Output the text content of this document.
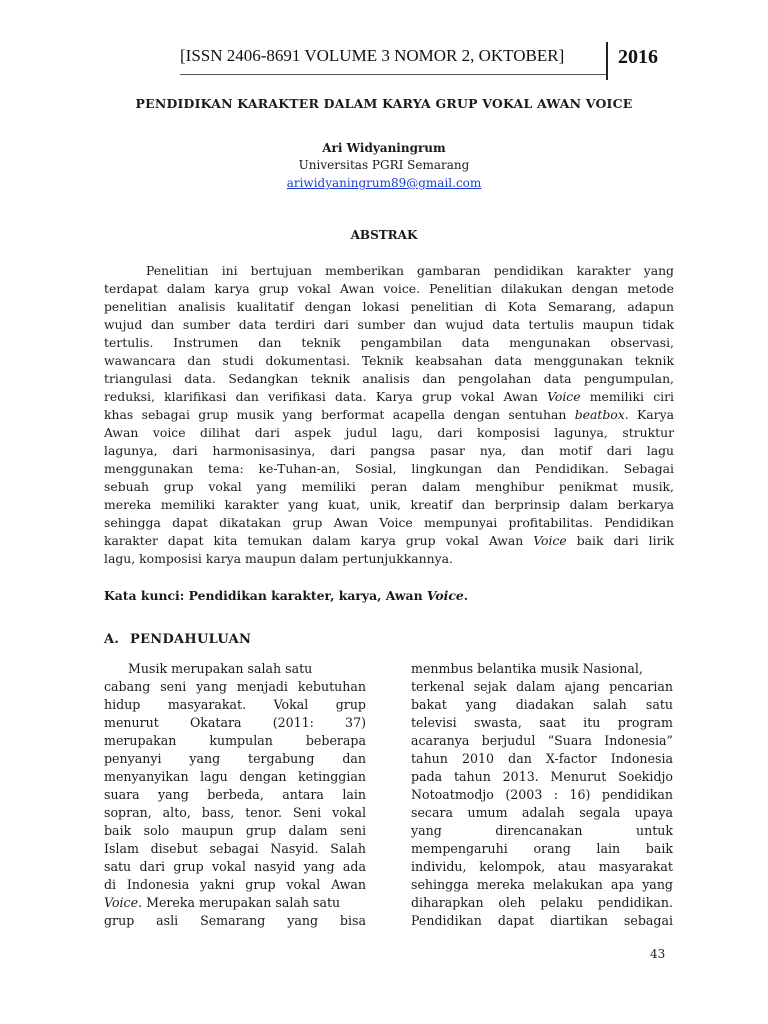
[ISSN 2406-8691 VOLUME 3 NOMOR 2, OKTOBER]	2016
PENDIDIKAN KARAKTER DALAM KARYA GRUP VOKAL AWAN VOICE
Ari Widyaningrum
Universitas PGRI Semarang
ariwidyaningrum89@gmail.com
ABSTRAK
Penelitian ini bertujuan memberikan gambaran pendidikan karakter yang
terdapat dalam karya grup vokal Awan voice. Penelitian dilakukan dengan metode
penelitian analisis kualitatif dengan lokasi penelitian di Kota Semarang, adapun
wujud dan sumber data terdiri dari sumber dan wujud data tertulis maupun tidak
tertulis. Instrumen dan teknik pengambilan data mengunakan observasi,
wawancara dan studi dokumentasi. Teknik keabsahan data menggunakan teknik
triangulasi data. Sedangkan teknik analisis dan pengolahan data pengumpulan,
reduksi, klarifikasi dan verifikasi data. Karya grup vokal Awan Voice memiliki ciri
khas sebagai grup musik yang berformat acapella dengan sentuhan beatbox. Karya
Awan voice dilihat dari aspek judul lagu, dari komposisi lagunya, struktur
lagunya, dari harmonisasinya, dari pangsa pasar nya, dan motif dari lagu
menggunakan tema: ke-Tuhan-an, Sosial, lingkungan dan Pendidikan. Sebagai
sebuah grup vokal yang memiliki peran dalam menghibur penikmat musik,
mereka memiliki karakter yang kuat, unik, kreatif dan berprinsip dalam berkarya
sehingga dapat dikatakan grup Awan Voice mempunyai profitabilitas. Pendidikan
karakter dapat kita temukan dalam karya grup vokal Awan Voice baik dari lirik
lagu, komposisi karya maupun dalam pertunjukkannya.
Kata kunci: Pendidikan karakter, karya, Awan Voice.
A. PENDAHULUAN
Musik merupakan salah satu
cabang seni yang menjadi kebutuhan
hidup masyarakat. Vokal grup
menurut Okatara (2011: 37)
merupakan kumpulan beberapa
penyanyi yang tergabung dan
menyanyikan lagu dengan ketinggian
suara yang berbeda, antara lain
sopran, alto, bass, tenor. Seni vokal
baik solo maupun grup dalam seni
Islam disebut sebagai Nasyid. Salah
satu dari grup vokal nasyid yang ada
di Indonesia yakni grup vokal Awan
Voice. Mereka merupakan salah satu
grup asli Semarang yang bisa
menmbus belantika musik Nasional,
terkenal sejak dalam ajang pencarian
bakat yang diadakan salah satu
televisi swasta, saat itu program
acaranya berjudul “Suara Indonesia”
tahun 2010 dan X-factor Indonesia
pada tahun 2013. Menurut Soekidjo
Notoatmodjo (2003 : 16) pendidikan
secara umum adalah segala upaya
yang direncanakan untuk
mempengaruhi orang lain baik
individu, kelompok, atau masyarakat
sehingga mereka melakukan apa yang
diharapkan oleh pelaku pendidikan.
Pendidikan dapat diartikan sebagai
43
